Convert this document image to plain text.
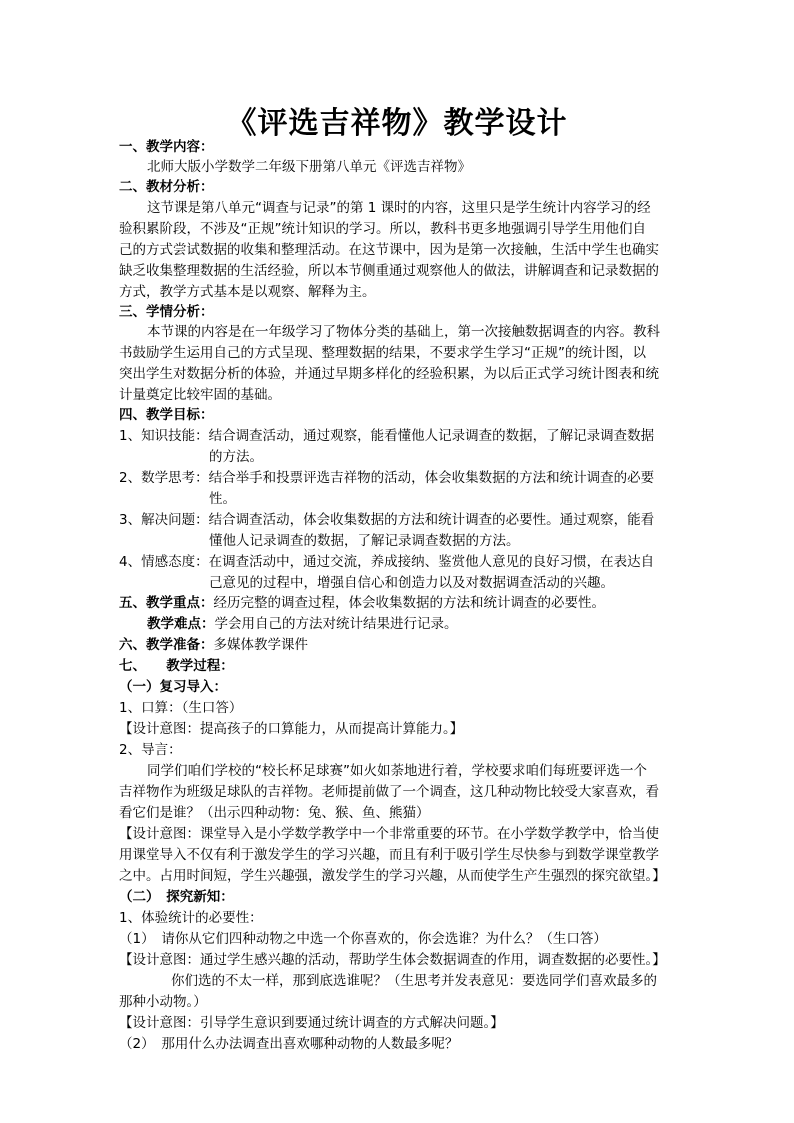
《评选吉祥物》教学设计
一、教学内容：
北师大版小学数学二年级下册第八单元《评选吉祥物》
二、教材分析：
这节课是第八单元“调查与记录”的第 1 课时的内容，这里只是学生统计内容学习的经
验积累阶段，不涉及“正规”统计知识的学习。所以，教科书更多地强调引导学生用他们自
己的方式尝试数据的收集和整理活动。在这节课中，因为是第一次接触，生活中学生也确实
缺乏收集整理数据的生活经验，所以本节侧重通过观察他人的做法，讲解调查和记录数据的
方式，教学方式基本是以观察、解释为主。
三、学情分析：
本节课的内容是在一年级学习了物体分类的基础上，第一次接触数据调查的内容。教科
书鼓励学生运用自己的方式呈现、整理数据的结果，不要求学生学习“正规”的统计图，以
突出学生对数据分析的体验，并通过早期多样化的经验积累，为以后正式学习统计图表和统
计量奠定比较牢固的基础。
四、教学目标：
1、知识技能：结合调查活动，通过观察，能看懂他人记录调查的数据，了解记录调查数据
的方法。
2、数学思考：结合举手和投票评选吉祥物的活动，体会收集数据的方法和统计调查的必要
性。
3、解决问题：结合调查活动，体会收集数据的方法和统计调查的必要性。通过观察，能看
懂他人记录调查的数据，了解记录调查数据的方法。
4、情感态度：在调查活动中，通过交流，养成接纳、鉴赏他人意见的良好习惯，在表达自
己意见的过程中，增强自信心和创造力以及对数据调查活动的兴趣。
五、教学重点：经历完整的调查过程，体会收集数据的方法和统计调查的必要性。
教学难点：学会用自己的方法对统计结果进行记录。
六、教学准备：多媒体教学课件
七、　　教学过程：
（一）复习导入：
1、口算：（生口答）
【设计意图：提高孩子的口算能力，从而提高计算能力。】
2、导言：
同学们咱们学校的“校长杯足球赛”如火如荼地进行着，学校要求咱们每班要评选一个
吉祥物作为班级足球队的吉祥物。老师提前做了一个调查，这几种动物比较受大家喜欢，看
看它们是谁？（出示四种动物：兔、猴、鱼、熊猫）
【设计意图：课堂导入是小学数学教学中一个非常重要的环节。在小学数学教学中，恰当使
用课堂导入不仅有利于激发学生的学习兴趣，而且有利于吸引学生尽快参与到数学课堂教学
之中。占用时间短，学生兴趣强，激发学生的学习兴趣，从而使学生产生强烈的探究欲望。】
（二）　探究新知：
1、体验统计的必要性：
（1）　请你从它们四种动物之中选一个你喜欢的，你会选谁？为什么？（生口答）
【设计意图：通过学生感兴趣的活动，帮助学生体会数据调查的作用，调查数据的必要性。】
你们选的不太一样，那到底选谁呢？（生思考并发表意见：要选同学们喜欢最多的
那种小动物。）
【设计意图：引导学生意识到要通过统计调查的方式解决问题。】
（2）　那用什么办法调查出喜欢哪种动物的人数最多呢？
